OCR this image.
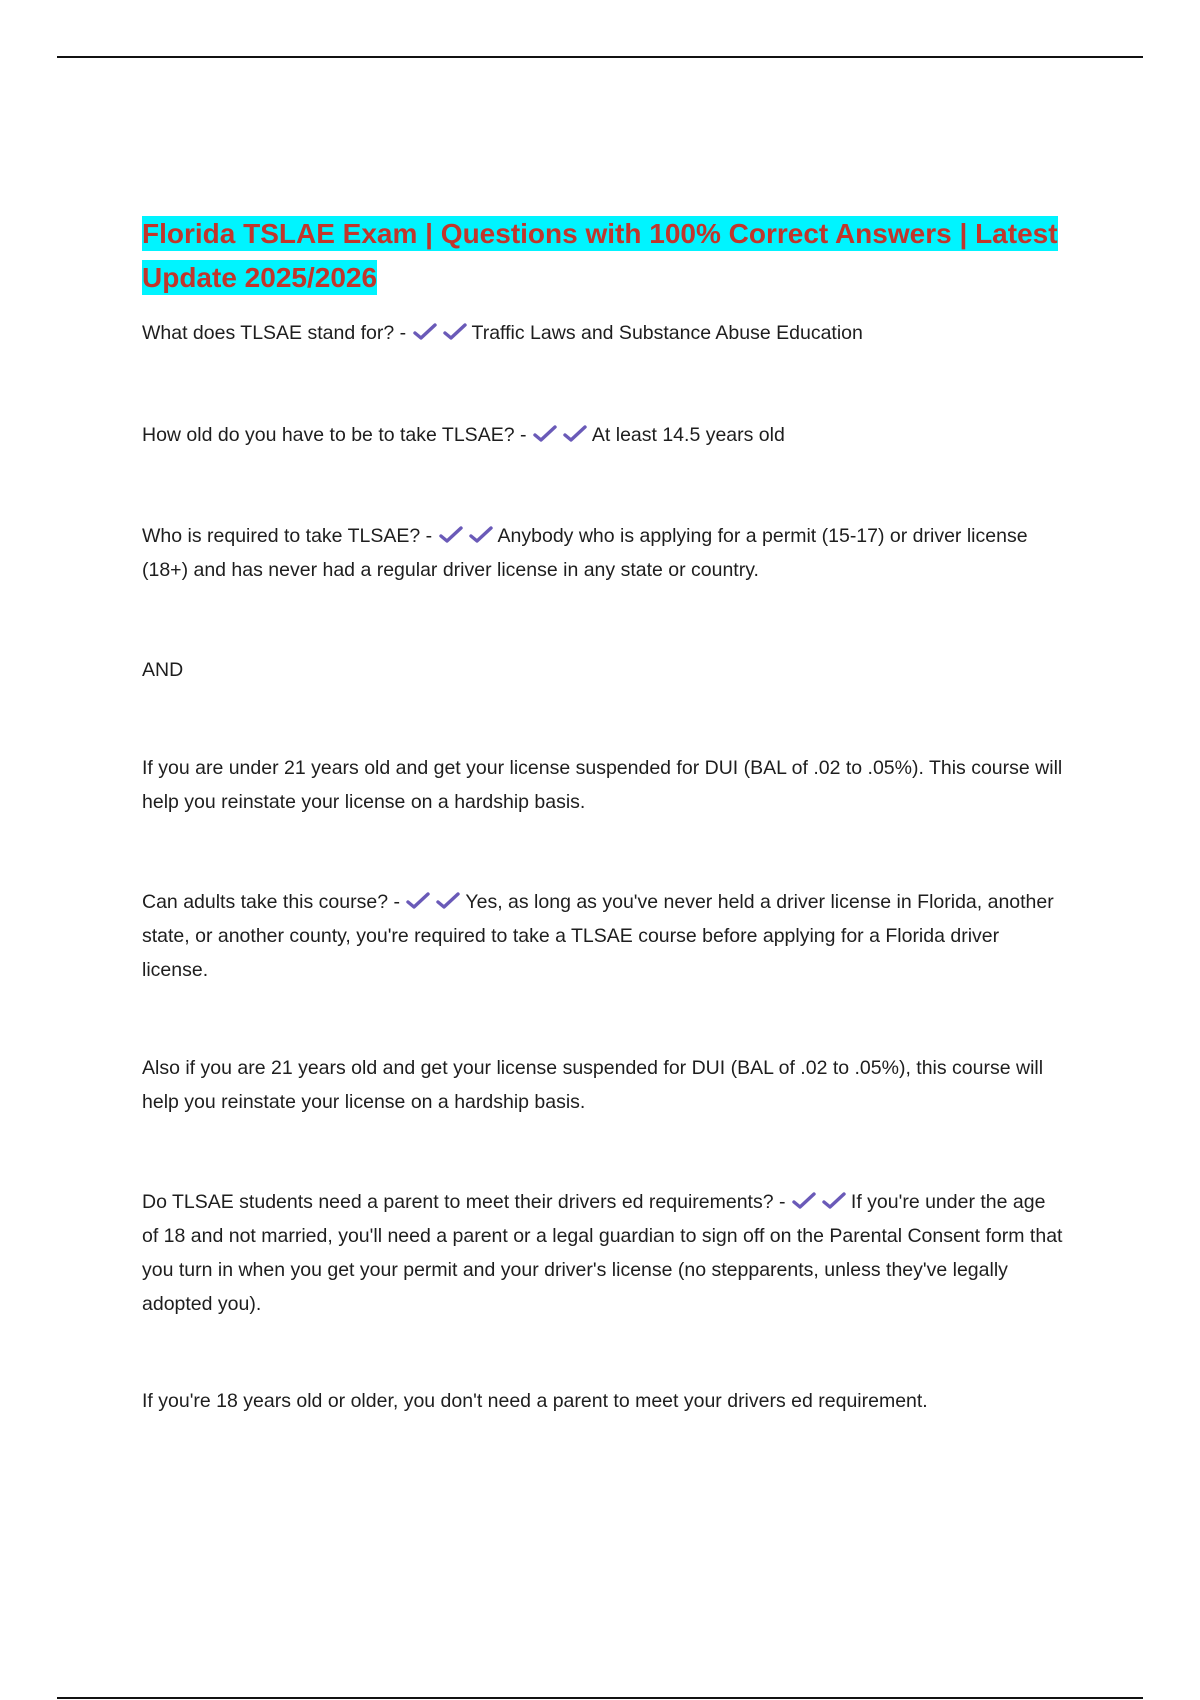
Florida TSLAE Exam | Questions with 100% Correct Answers | Latest
Update 2025/2026

What does TLSAE stand for? -	Traffic Laws and Substance Abuse Education

How old do you have to be to take TLSAE? -	At least 14.5 years old

Who is required to take TLSAE? -	Anybody who is applying for a permit (15-17) or driver license (18+) and has never had a regular driver license in any state or country.

AND

If you are under 21 years old and get your license suspended for DUI (BAL of .02 to .05%). This course will help you reinstate your license on a hardship basis.

Can adults take this course? -	Yes, as long as you've never held a driver license in Florida, another state, or another county, you're required to take a TLSAE course before applying for a Florida driver license.

Also if you are 21 years old and get your license suspended for DUI (BAL of .02 to .05%), this course will help you reinstate your license on a hardship basis.

Do TLSAE students need a parent to meet their drivers ed requirements? -	If you're under the age of 18 and not married, you'll need a parent or a legal guardian to sign off on the Parental Consent form that you turn in when you get your permit and your driver's license (no stepparents, unless they've legally adopted you).

If you're 18 years old or older, you don't need a parent to meet your drivers ed requirement.
